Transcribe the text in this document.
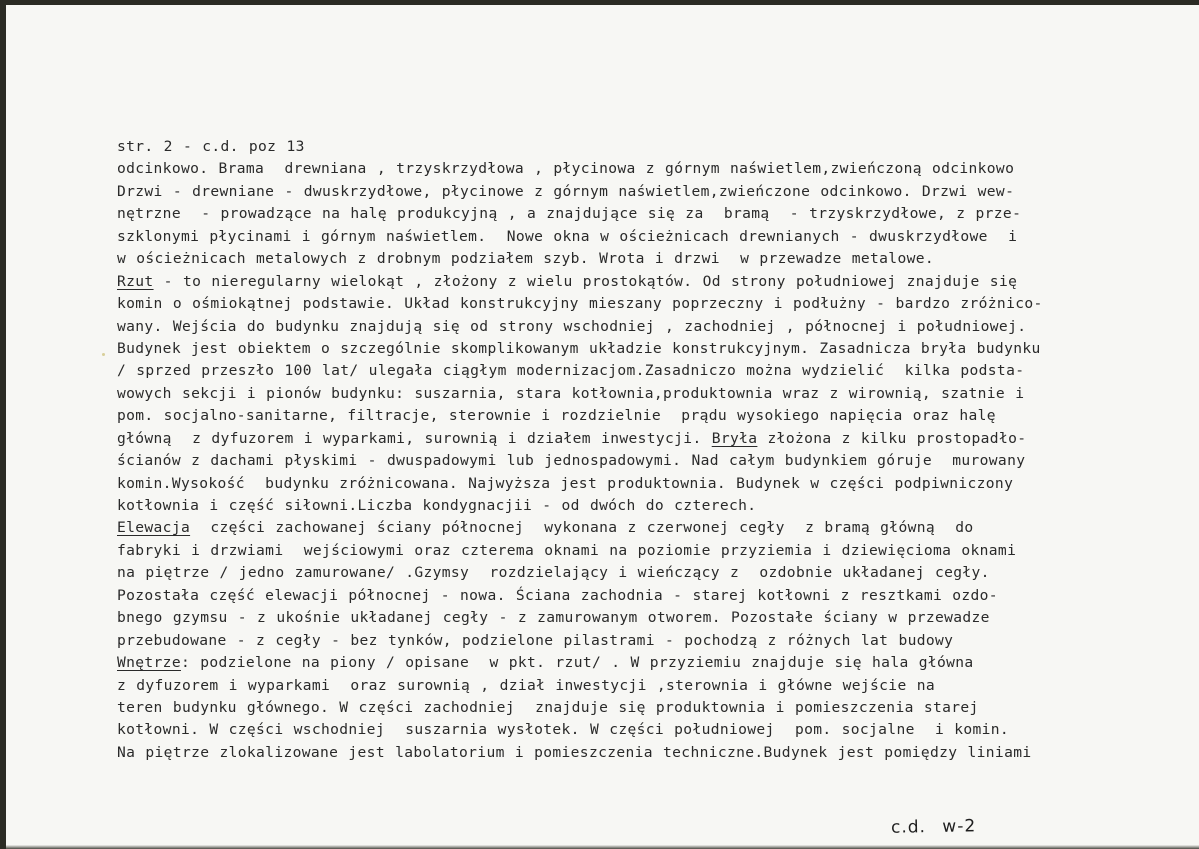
str. 2 - c.d. poz 13
odcinkowo. Brama  drewniana , trzyskrzydłowa , płycinowa z górnym naświetlem,zwieńczoną odcinkowo
Drzwi - drewniane - dwuskrzydłowe, płycinowe z górnym naświetlem,zwieńczone odcinkowo. Drzwi wew-
nętrzne  - prowadzące na halę produkcyjną , a znajdujące się za  bramą  - trzyskrzydłowe, z prze-
szklonymi płycinami i górnym naświetlem.  Nowe okna w ościeżnicach drewnianych - dwuskrzydłowe  i
w ościeżnicach metalowych z drobnym podziałem szyb. Wrota i drzwi  w przewadze metalowe.
Rzut - to nieregularny wielokąt , złożony z wielu prostokątów. Od strony południowej znajduje się
komin o ośmiokątnej podstawie. Układ konstrukcyjny mieszany poprzeczny i podłużny - bardzo zróżnico-
wany. Wejścia do budynku znajdują się od strony wschodniej , zachodniej , północnej i południowej.
Budynek jest obiektem o szczególnie skomplikowanym układzie konstrukcyjnym. Zasadnicza bryła budynku
/ sprzed przeszło 100 lat/ ulegała ciągłym modernizacjom.Zasadniczo można wydzielić  kilka podsta-
wowych sekcji i pionów budynku: suszarnia, stara kotłownia,produktownia wraz z wirownią, szatnie i
pom. socjalno-sanitarne, filtracje, sterownie i rozdzielnie  prądu wysokiego napięcia oraz halę
główną  z dyfuzorem i wyparkami, surownią i działem inwestycji. Bryła złożona z kilku prostopadło-
ścianów z dachami płyskimi - dwuspadowymi lub jednospadowymi. Nad całym budynkiem góruje  murowany
komin.Wysokość  budynku zróżnicowana. Najwyższa jest produktownia. Budynek w części podpiwniczony
kotłownia i część siłowni.Liczba kondygnacjii - od dwóch do czterech.
Elewacja  części zachowanej ściany północnej  wykonana z czerwonej cegły  z bramą główną  do
fabryki i drzwiami  wejściowymi oraz czterema oknami na poziomie przyziemia i dziewięcioma oknami
na piętrze / jedno zamurowane/ .Gzymsy  rozdzielający i wieńczący z  ozdobnie układanej cegły.
Pozostała część elewacji północnej - nowa. Ściana zachodnia - starej kotłowni z resztkami ozdo-
bnego gzymsu - z ukośnie układanej cegły - z zamurowanym otworem. Pozostałe ściany w przewadze
przebudowane - z cegły - bez tynków, podzielone pilastrami - pochodzą z różnych lat budowy
Wnętrze: podzielone na piony / opisane  w pkt. rzut/ . W przyziemiu znajduje się hala główna
z dyfuzorem i wyparkami  oraz surownią , dział inwestycji ,sterownia i główne wejście na
teren budynku głównego. W części zachodniej  znajduje się produktownia i pomieszczenia starej
kotłowni. W części wschodniej  suszarnia wysłotek. W części południowej  pom. socjalne  i komin.
Na piętrze zlokalizowane jest labolatorium i pomieszczenia techniczne.Budynek jest pomiędzy liniami
c.d. w-2
